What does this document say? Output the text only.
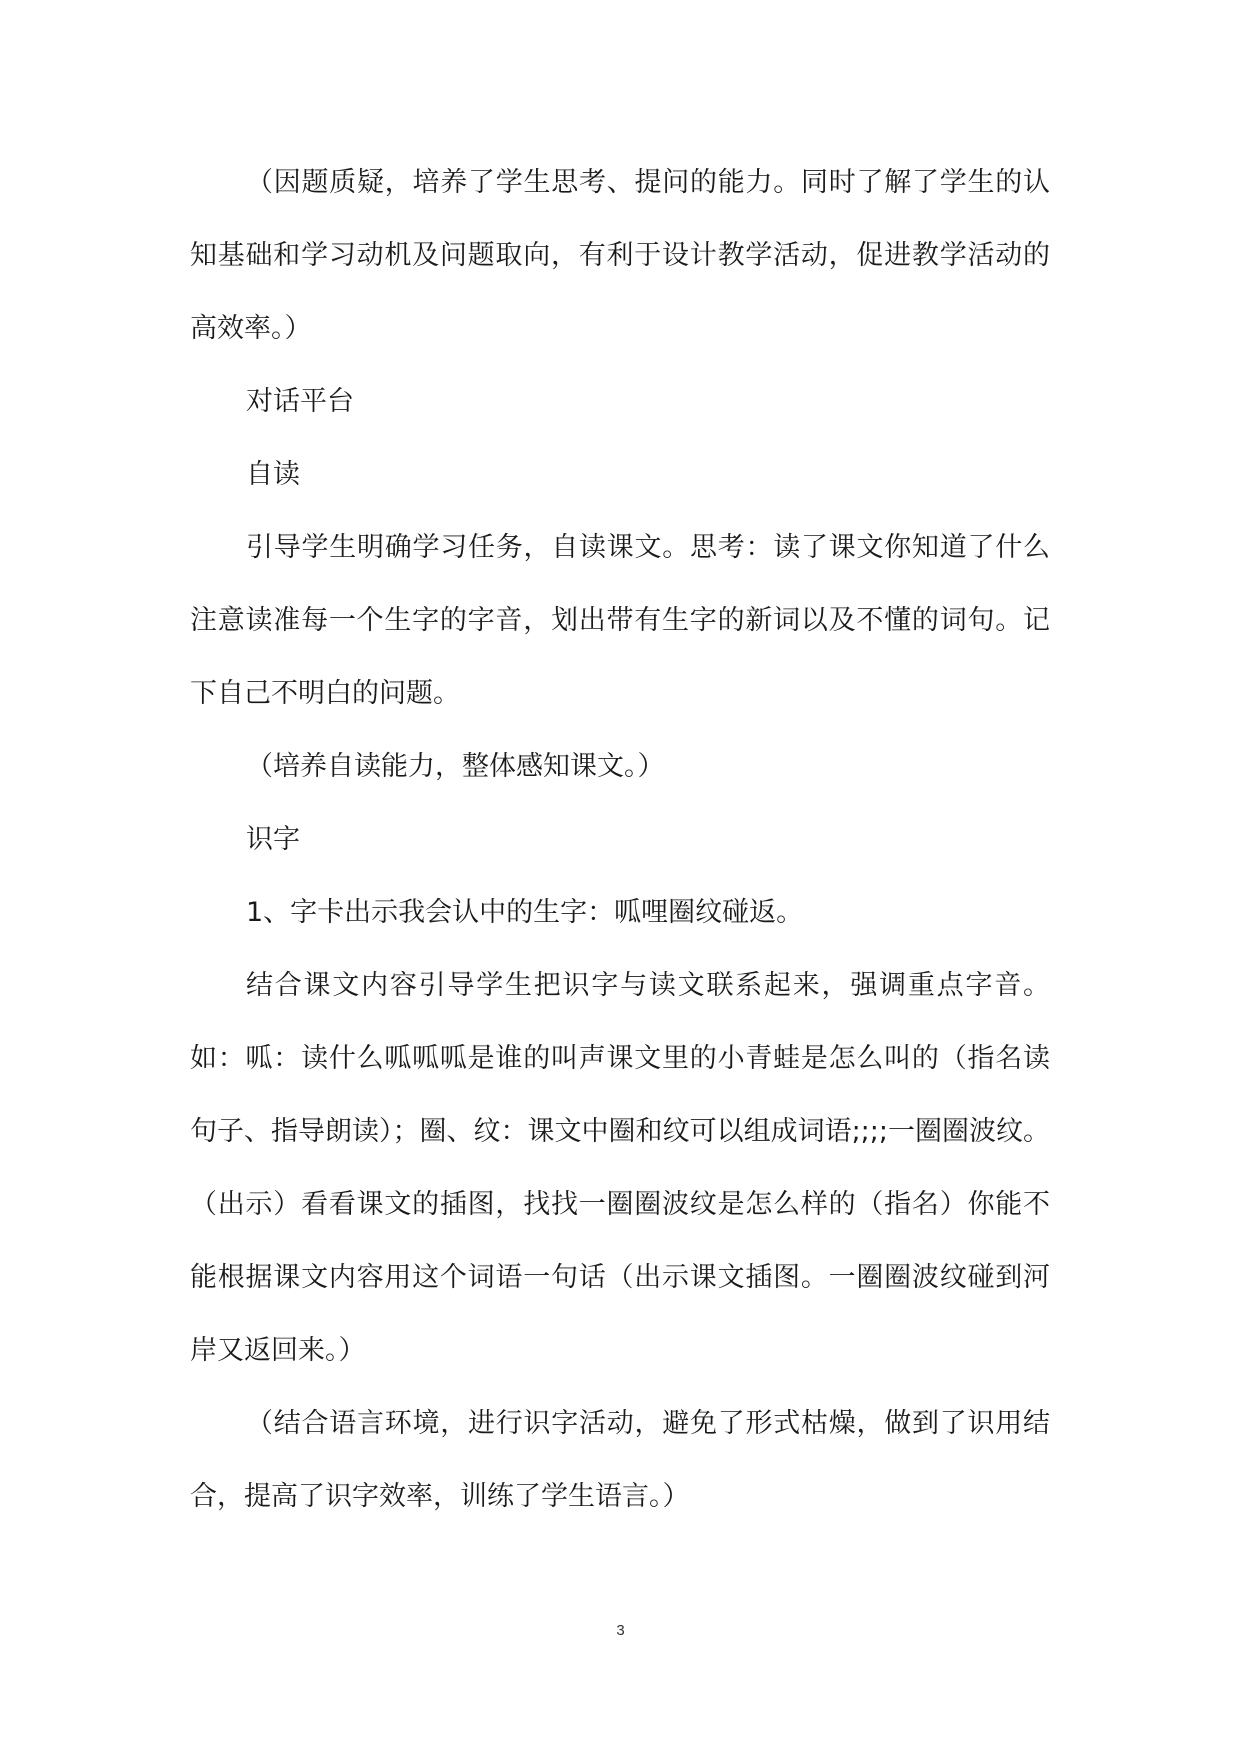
（因题质疑，培养了学生思考、提问的能力。同时了解了学生的认知基础和学习动机及问题取向，有利于设计教学活动，促进教学活动的高效率。）

对话平台

自读

引导学生明确学习任务，自读课文。思考：读了课文你知道了什么注意读准每一个生字的字音，划出带有生字的新词以及不懂的词句。记下自己不明白的问题。

（培养自读能力，整体感知课文。）

识字

1、字卡出示我会认中的生字：呱哩圈纹碰返。

结合课文内容引导学生把识字与读文联系起来，强调重点字音。如：呱：读什么呱呱呱是谁的叫声课文里的小青蛙是怎么叫的（指名读句子、指导朗读）；圈、纹：课文中圈和纹可以组成词语;;;;一圈圈波纹。（出示）看看课文的插图，找找一圈圈波纹是怎么样的（指名）你能不能根据课文内容用这个词语一句话（出示课文插图。一圈圈波纹碰到河岸又返回来。）

（结合语言环境，进行识字活动，避免了形式枯燥，做到了识用结合，提高了识字效率，训练了学生语言。）

3
